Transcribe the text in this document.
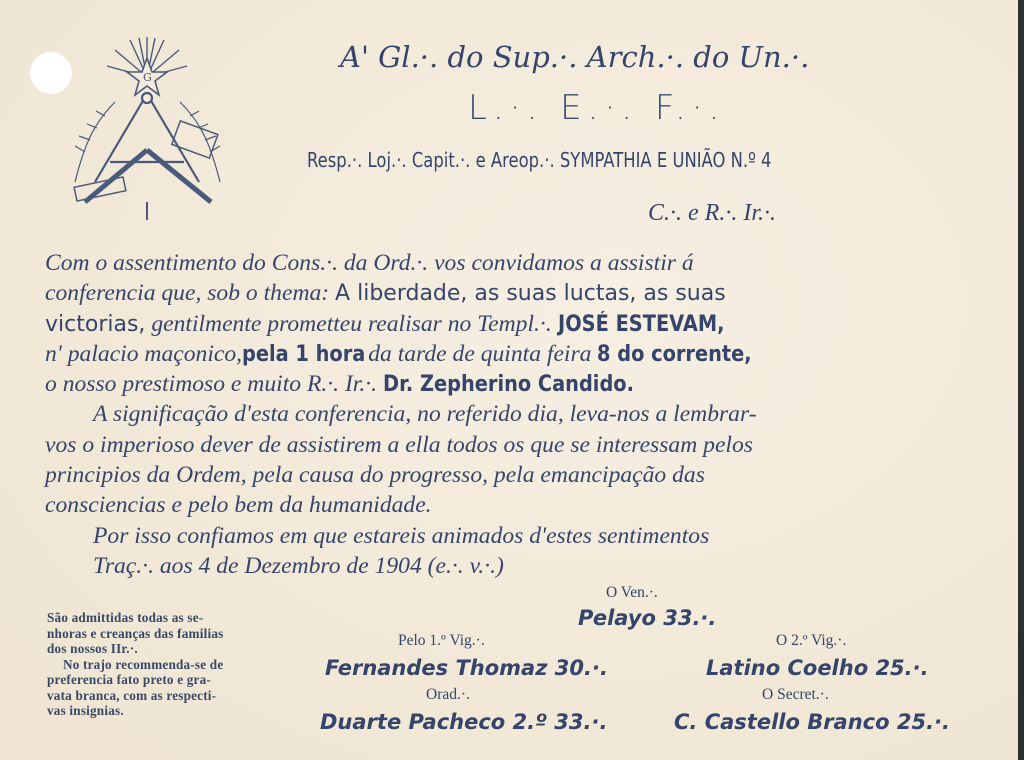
G
A' Gl.·. do Sup.·. Arch.·. do Un.·.
L.·. E.·. F.·.
Resp.·. Loj.·. Capit.·. e Areop.·. SYMPATHIA E UNIÃO N.º 4
C.·. e R.·. Ir.·.
Com o assentimento do Cons.·. da Ord.·. vos convidamos a assistir á
conferencia que, sob o thema: A liberdade, as suas luctas, as suas
victorias, gentilmente prometteu realisar no Templ.·. JOSÉ ESTEVAM,
n' palacio maçonico,pela 1 horada tarde de quinta feira 8 do corrente,
o nosso prestimoso e muito R.·. Ir.·. Dr. Zepherino Candido.
A significação d'esta conferencia, no referido dia, leva-nos a lembrar-
vos o imperioso dever de assistirem a ella todos os que se interessam pelos
principios da Ordem, pela causa do progresso, pela emancipação das
consciencias e pelo bem da humanidade.
Por isso confiamos em que estareis animados d'estes sentimentos
Traç.·. aos 4 de Dezembro de 1904 (e.·. v.·.)
São admittidas todas as se-
nhoras e creanças das familias
dos nossos IIr.·.
No trajo recommenda-se de
preferencia fato preto e gra-
vata branca, com as respecti-
vas insignias.
O Ven.·.
Pelayo 33.·.
Pelo 1.º Vig.·.
Fernandes Thomaz 30.·.
O 2.º Vig.·.
Latino Coelho 25.·.
Orad.·.
Duarte Pacheco 2.º 33.·.
O Secret.·.
C. Castello Branco 25.·.
